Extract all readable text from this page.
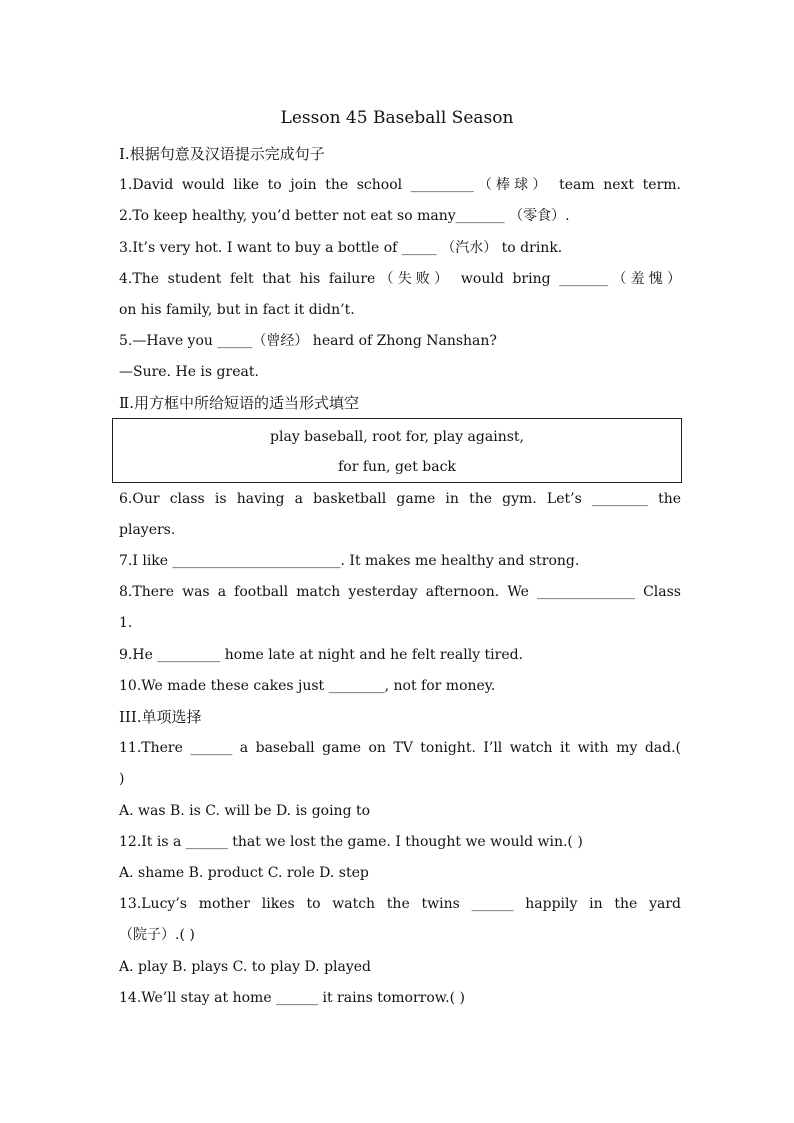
Lesson 45 Baseball Season
Ⅰ.根据句意及汉语提示完成句子
1.David would like to join the school _________（棒球） team next term.
2.To keep healthy, you’d better not eat so many_______ （零食）.
3.It’s very hot. I want to buy a bottle of _____ （汽水） to drink.
4.The student felt that his failure（失败） would bring _______（羞愧）
on his family, but in fact it didn’t.
5.—Have you _____（曾经） heard of Zhong Nanshan?
—Sure. He is great.
Ⅱ.用方框中所给短语的适当形式填空
play baseball, root for, play against,
for fun, get back
6.Our class is having a basketball game in the gym. Let’s ________ the
players.
7.I like ________________________. It makes me healthy and strong.
8.There was a football match yesterday afternoon. We ______________ Class
1.
9.He _________ home late at night and he felt really tired.
10.We made these cakes just ________, not for money.
III.单项选择
11.There ______ a baseball game on TV tonight. I’ll watch it with my dad.(
)
A. was B. is C. will be D. is going to
12.It is a ______ that we lost the game. I thought we would win.( )
A. shame B. product C. role D. step
13.Lucy’s mother likes to watch the twins ______ happily in the yard
（院子）.( )
A. play B. plays C. to play D. played
14.We’ll stay at home ______ it rains tomorrow.( )
